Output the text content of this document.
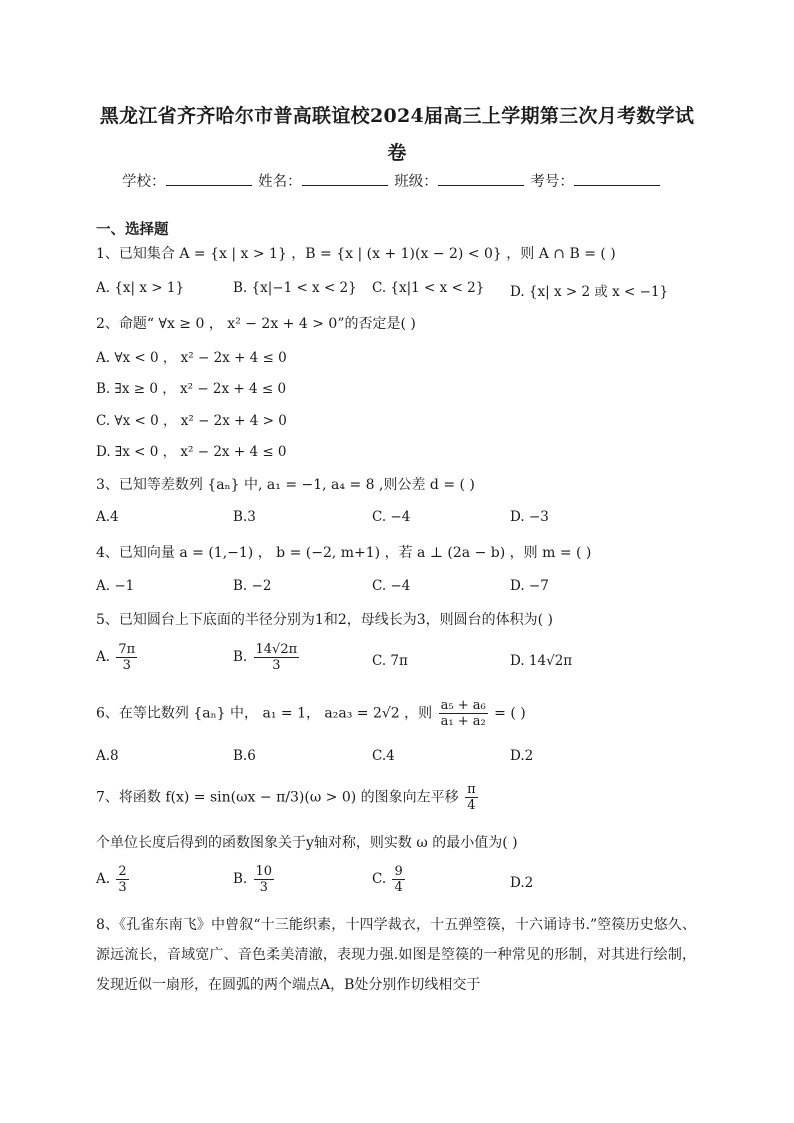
黑龙江省齐齐哈尔市普高联谊校2024届高三上学期第三次月考数学试
卷
学校：	姓名：	班级：	考号：
一、选择题
1、已知集合 A = {x | x > 1} ，B = {x | (x + 1)(x − 2) < 0} ，则 A ∩ B = ( )
A. {x| x > 1}	B. {x|−1 < x < 2} C. {x|1 < x < 2} D. {x| x > 2 或 x < −1}
2、命题“ ∀x ≥ 0 ， x² − 2x + 4 > 0”的否定是( )
A. ∀x < 0 ， x² − 2x + 4 ≤ 0
B. ∃x ≥ 0 ， x² − 2x + 4 ≤ 0
C. ∀x < 0 ， x² − 2x + 4 > 0
D. ∃x < 0 ， x² − 2x + 4 ≤ 0
3、已知等差数列 {aₙ} 中, a₁ = −1, a₄ = 8 ,则公差 d = ( )
A.4	B.3	C. −4	D. −3
4、已知向量 a = (1,−1) ， b = (−2, m+1) ，若 a ⊥ (2a − b) ，则 m = ( )
A. −1	B. −2	C. −4	D. −7
5、已知圆台上下底面的半径分别为1和2，母线长为3，则圆台的体积为( )
A. $\frac{7\pi}{3}$	B. $\frac{14√2\pi}{3}$	C. 7π	D. 14√2π
6、在等比数列 {aₙ} 中， a₁ = 1， a₂a₃ = 2√2 ，则 $\frac{\text{a₅ + a₆}}{\text{a₁ + a₂}}$ = ( )
A.8	B.6	C.4	D.2
7、将函数 f(x) = sin(ωx − π/3)(ω > 0) 的图象向左平移 $\frac{\pi}{4}$
个单位长度后得到的函数图象关于y轴对称，则实数 ω 的最小值为( )
A. $\frac{2}{3}$	B. $\frac{10}{3}$	C. $\frac{9}{4}$	D.2
8、《孔雀东南飞》中曾叙“十三能织素，十四学裁衣，十五弹箜篌，十六诵诗书.”箜篌历史悠久、源远流长，音域宽广、音色柔美清澈，表现力强.如图是箜篌的一种常见的形制，对其进行绘制，发现近似一扇形，在圆弧的两个端点A，B处分别作切线相交于
